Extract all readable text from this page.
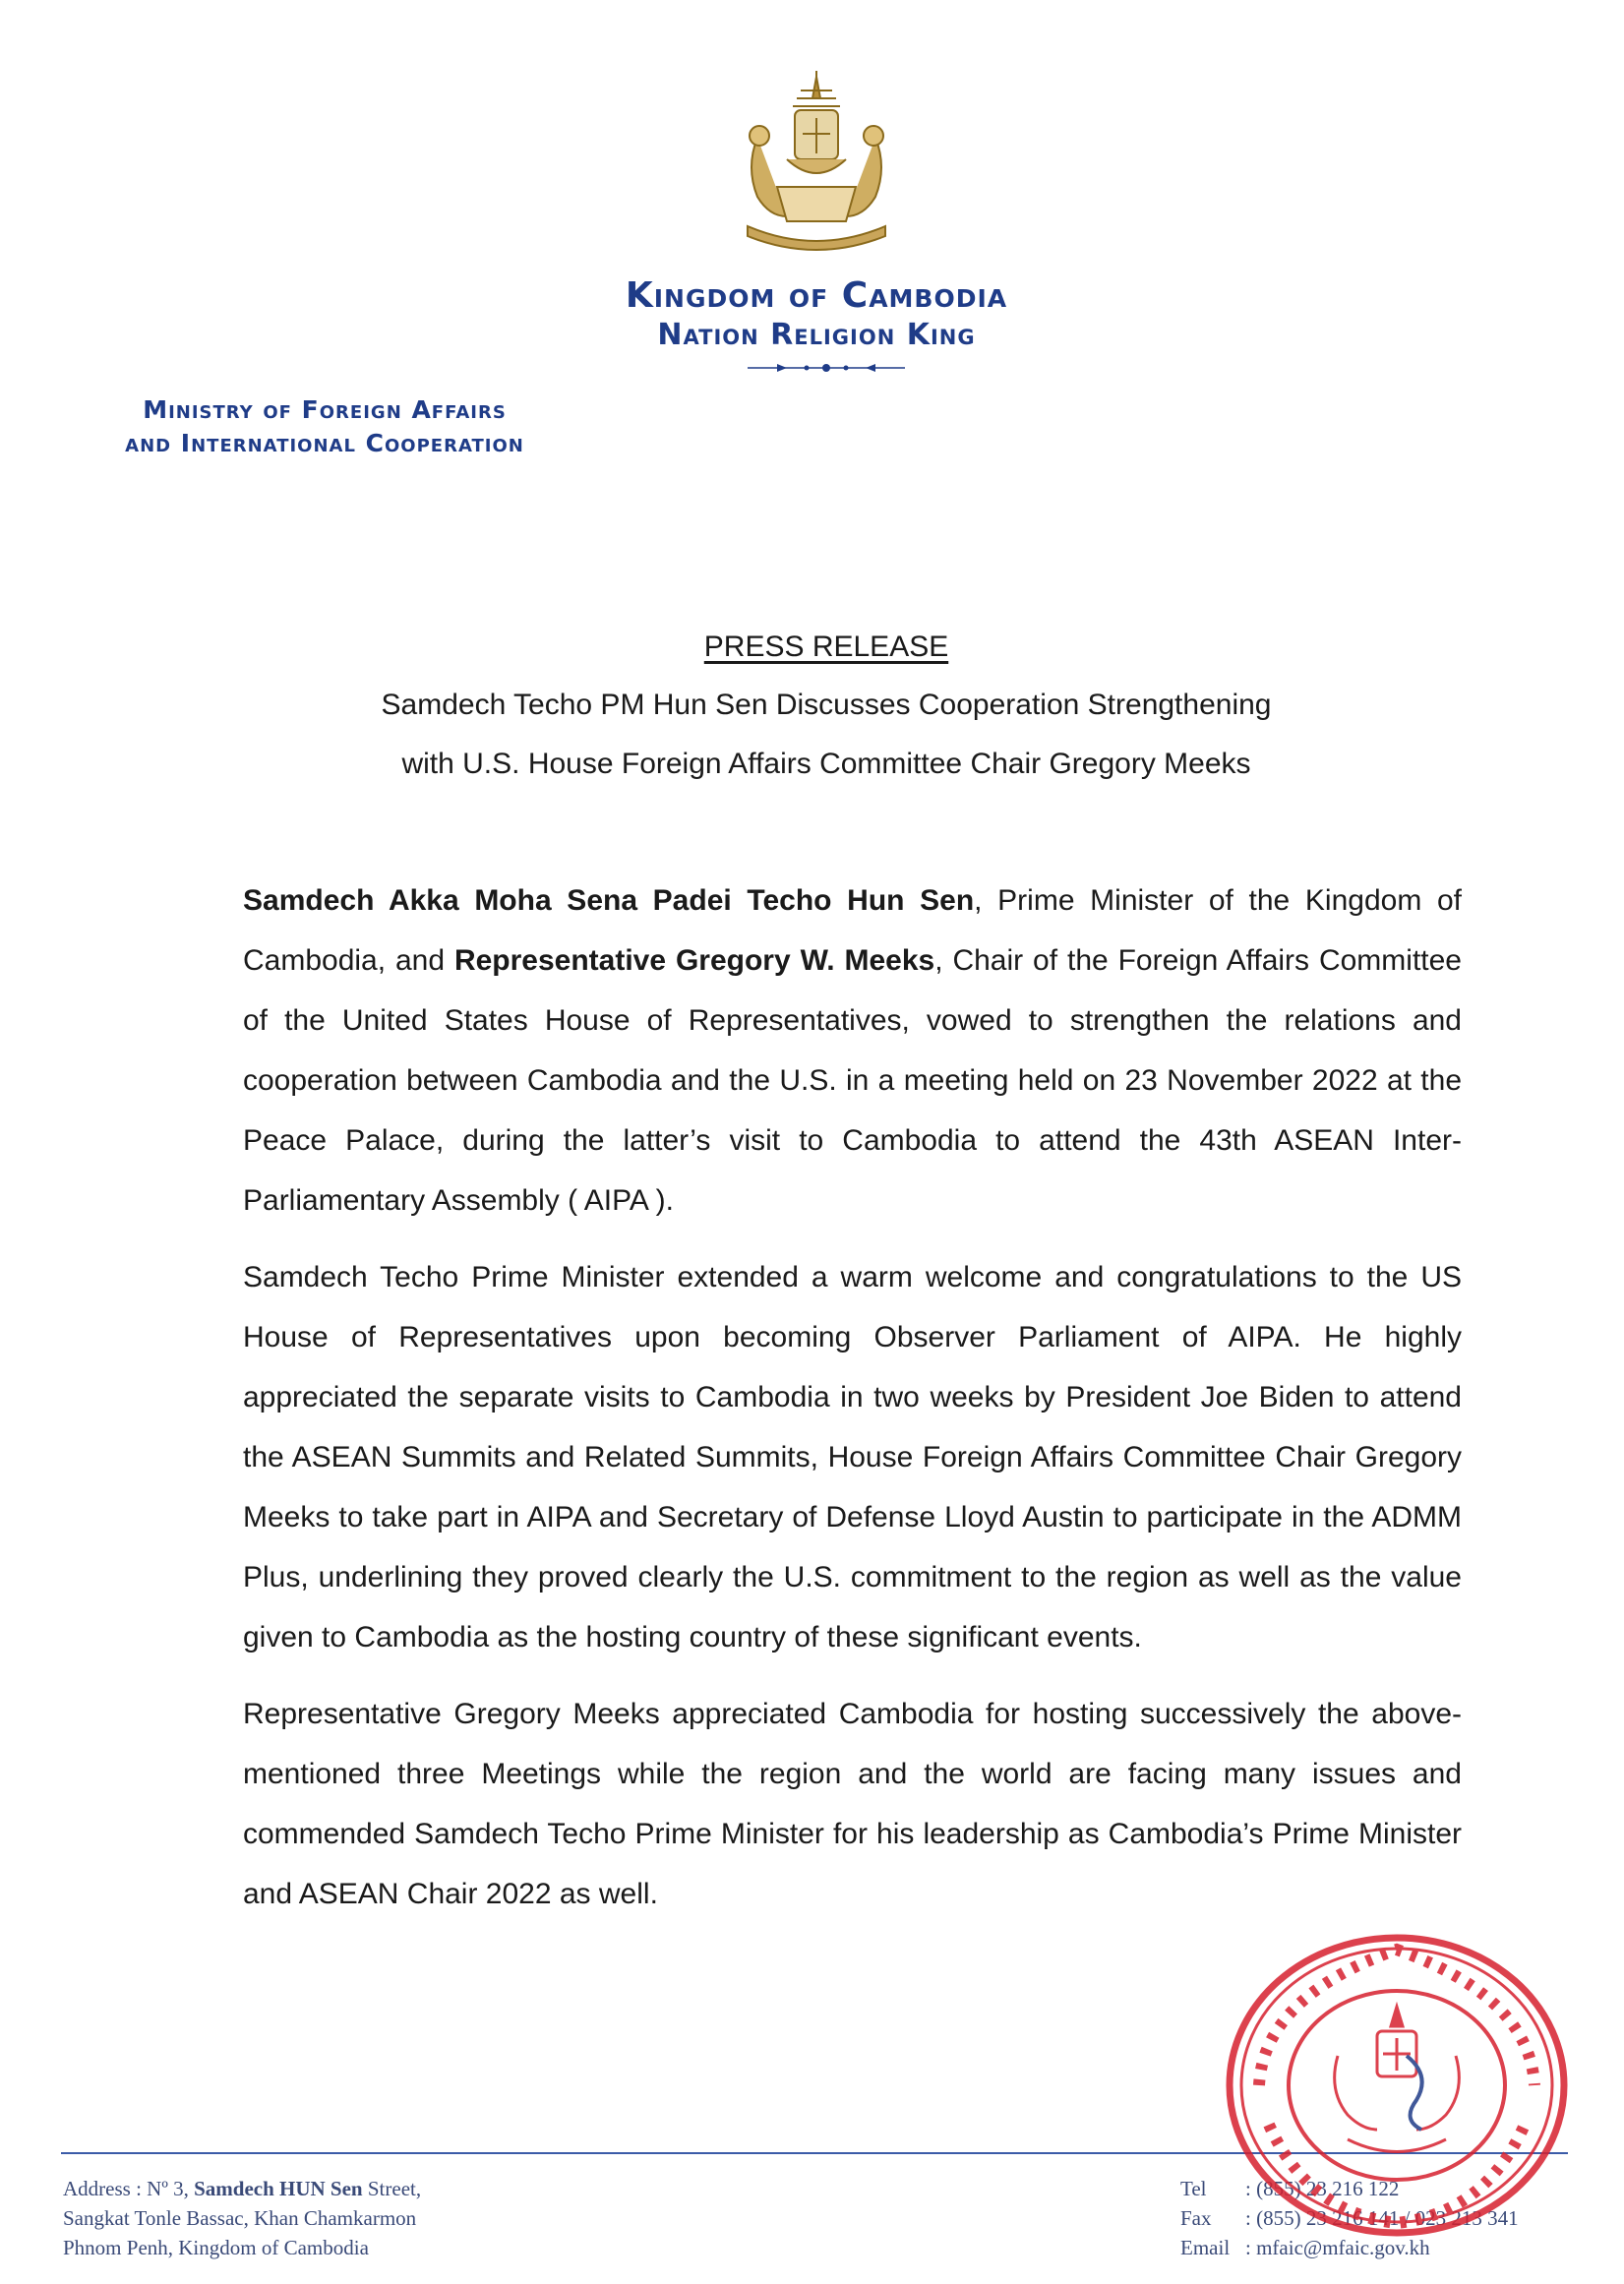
Kingdom of Cambodia
Nation Religion King
Ministry of Foreign Affairs
and International Cooperation
PRESS RELEASE
Samdech Techo PM Hun Sen Discusses Cooperation Strengthening
with U.S. House Foreign Affairs Committee Chair Gregory Meeks

Samdech Akka Moha Sena Padei Techo Hun Sen, Prime Minister of the Kingdom of Cambodia, and Representative Gregory W. Meeks, Chair of the Foreign Affairs Committee of the United States House of Representatives, vowed to strengthen the relations and cooperation between Cambodia and the U.S. in a meeting held on 23 November 2022 at the Peace Palace, during the latter’s visit to Cambodia to attend the 43th ASEAN Inter-Parliamentary Assembly ( AIPA ).

Samdech Techo Prime Minister extended a warm welcome and congratulations to the US House of Representatives upon becoming Observer Parliament of AIPA. He highly appreciated the separate visits to Cambodia in two weeks by President Joe Biden to attend the ASEAN Summits and Related Summits, House Foreign Affairs Committee Chair Gregory Meeks to take part in AIPA and Secretary of Defense Lloyd Austin to participate in the ADMM Plus, underlining they proved clearly the U.S. commitment to the region as well as the value given to Cambodia as the hosting country of these significant events.

Representative Gregory Meeks appreciated Cambodia for hosting successively the above-mentioned three Meetings while the region and the world are facing many issues and commended Samdech Techo Prime Minister for his leadership as Cambodia’s Prime Minister and ASEAN Chair 2022 as well.

Address : Nº 3, Samdech HUN Sen Street,
Sangkat Tonle Bassac, Khan Chamkarmon
Phnom Penh, Kingdom of Cambodia
Tel	: (855) 23 216 122
Fax	: (855) 23 216 141 / 023 213 341
Email : mfaic@mfaic.gov.kh
